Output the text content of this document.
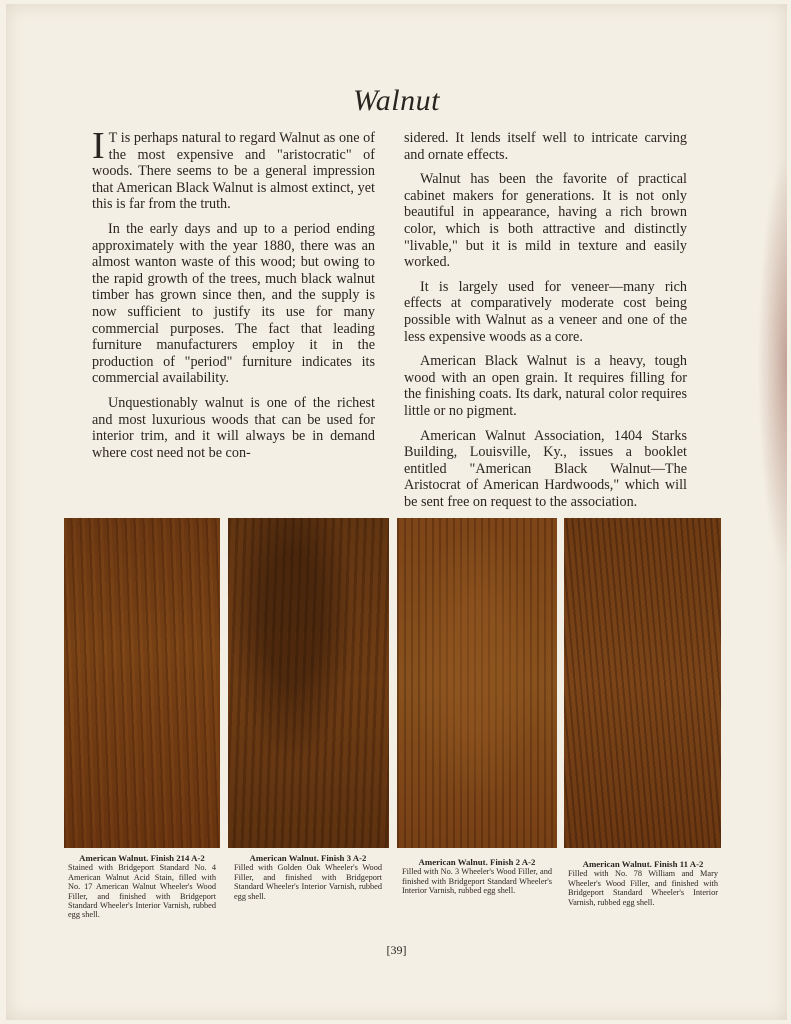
Walnut

I T is perhaps natural to regard Walnut as one of the most expensive and "aristocratic" of woods. There seems to be a general impression that American Black Walnut is almost extinct, yet this is far from the truth.

In the early days and up to a period ending approximately with the year 1880, there was an almost wanton waste of this wood; but owing to the rapid growth of the trees, much black walnut timber has grown since then, and the supply is now sufficient to justify its use for many commercial purposes. The fact that leading furniture manufacturers employ it in the production of "period" furniture indicates its commercial availability.

Unquestionably walnut is one of the richest and most luxurious woods that can be used for interior trim, and it will always be in demand where cost need not be con-

sidered. It lends itself well to intricate carving and ornate effects.

Walnut has been the favorite of practical cabinet makers for generations. It is not only beautiful in appearance, having a rich brown color, which is both attractive and distinctly "livable," but it is mild in texture and easily worked.

It is largely used for veneer—many rich effects at comparatively moderate cost being possible with Walnut as a veneer and one of the less expensive woods as a core.

American Black Walnut is a heavy, tough wood with an open grain. It requires filling for the finishing coats. Its dark, natural color requires little or no pigment.

American Walnut Association, 1404 Starks Building, Louisville, Ky., issues a booklet entitled "American Black Walnut—The Aristocrat of American Hardwoods," which will be sent free on request to the association.

American Walnut. Finish 214 A-2
Stained with Bridgeport Standard No. 4 American Walnut Acid Stain, filled with No. 17 American Walnut Wheeler's Wood Filler, and finished with Bridgeport Standard Wheeler's Interior Varnish, rubbed egg shell.
American Walnut. Finish 3 A-2
Filled with Golden Oak Wheeler's Wood Filler, and finished with Bridgeport Standard Wheeler's Interior Varnish, rubbed egg shell.
American Walnut. Finish 2 A-2
Filled with No. 3 Wheeler's Wood Filler, and finished with Bridgeport Standard Wheeler's Interior Varnish, rubbed egg shell.
American Walnut. Finish 11 A-2
Filled with No. 78 William and Mary Wheeler's Wood Filler, and finished with Bridgeport Standard Wheeler's Interior Varnish, rubbed egg shell.
[39]
